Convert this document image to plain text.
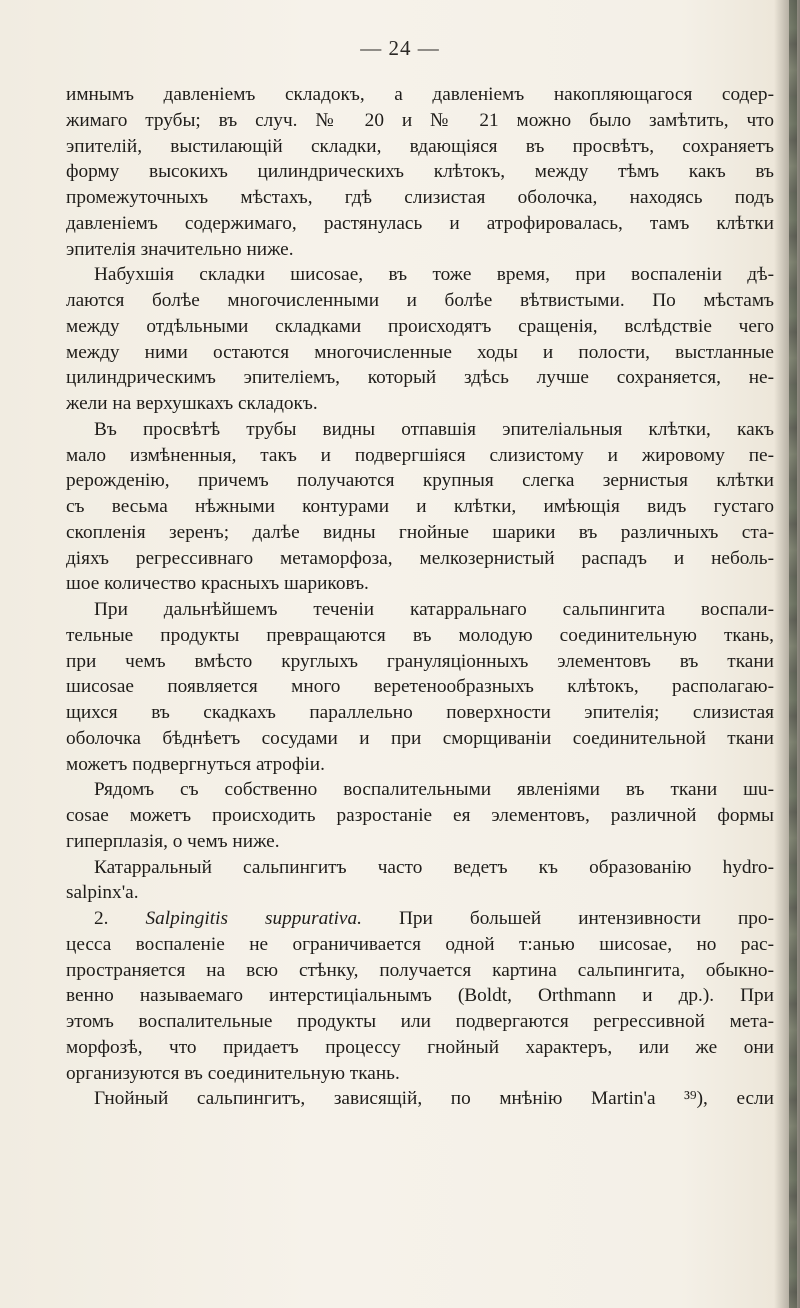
— 24 —
имнымъ давленіемъ складокъ, а давленіемъ накопляющагося содер-
жимаго трубы; въ случ. № 20 и № 21 можно было замѣтить, что
эпителій, выстилающій складки, вдающіяся въ просвѣтъ, сохраняетъ
форму высокихъ цилиндрическихъ клѣтокъ, между тѣмъ какъ въ
промежуточныхъ мѣстахъ, гдѣ слизистая оболочка, находясь подъ
давленіемъ содержимаго, растянулась и атрофировалась, тамъ клѣтки
эпителія значительно ниже.
Набухшія складки шисоѕае, въ тоже время, при воспаленіи дѣ-
лаются болѣе многочисленными и болѣе вѣтвистыми. По мѣстамъ
между отдѣльными складками происходятъ сращенія, вслѣдствіе чего
между ними остаются многочисленные ходы и полости, выстланные
цилиндрическимъ эпителіемъ, который здѣсь лучше сохраняется, не-
жели на верхушкахъ складокъ.
Въ просвѣтѣ трубы видны отпавшія эпителіальныя клѣтки, какъ
мало измѣненныя, такъ и подвергшіяся слизистому и жировому пе-
рерожденію, причемъ получаются крупныя слегка зернистыя клѣтки
съ весьма нѣжными контурами и клѣтки, имѣющія видъ густаго
скопленія зеренъ; далѣе видны гнойные шарики въ различныхъ ста-
діяхъ регрессивнаго метаморфоза, мелкозернистый распадъ и неболь-
шое количество красныхъ шариковъ.
При дальнѣйшемъ теченіи катарральнаго сальпингита воспали-
тельные продукты превращаются въ молодую соединительную ткань,
при чемъ вмѣсто круглыхъ грануляціонныхъ элементовъ въ ткани
шисоѕае появляется много веретенообразныхъ клѣтокъ, располагаю-
щихся въ скадкахъ параллельно поверхности эпителія; слизистая
оболочка бѣднѣетъ сосудами и при сморщиваніи соединительной ткани
можетъ подвергнуться атрофіи.
Рядомъ съ собственно воспалительными явленіями въ ткани шu-
cosae можетъ происходить разростаніе ея элементовъ, различной формы
гиперплазія, о чемъ ниже.
Катарральный сальпингитъ часто ведетъ къ образованію hydro-
salpinx'a.
2. Salpingitis suppurativa. При большей интензивности про-
цесса воспаленіе не ограничивается одной т:анью шисоѕае, но рас-
пространяется на всю стѣнку, получается картина сальпингита, обыкно-
венно называемаго интерстиціальнымъ (Boldt, Orthmann и др.). При
этомъ воспалительные продукты или подвергаются регрессивной мета-
морфозѣ, что придаетъ процессу гнойный характеръ, или же они
организуются въ соединительную ткань.
Гнойный сальпингитъ, зависящій, по мнѣнію Martin'a ³⁹), если
